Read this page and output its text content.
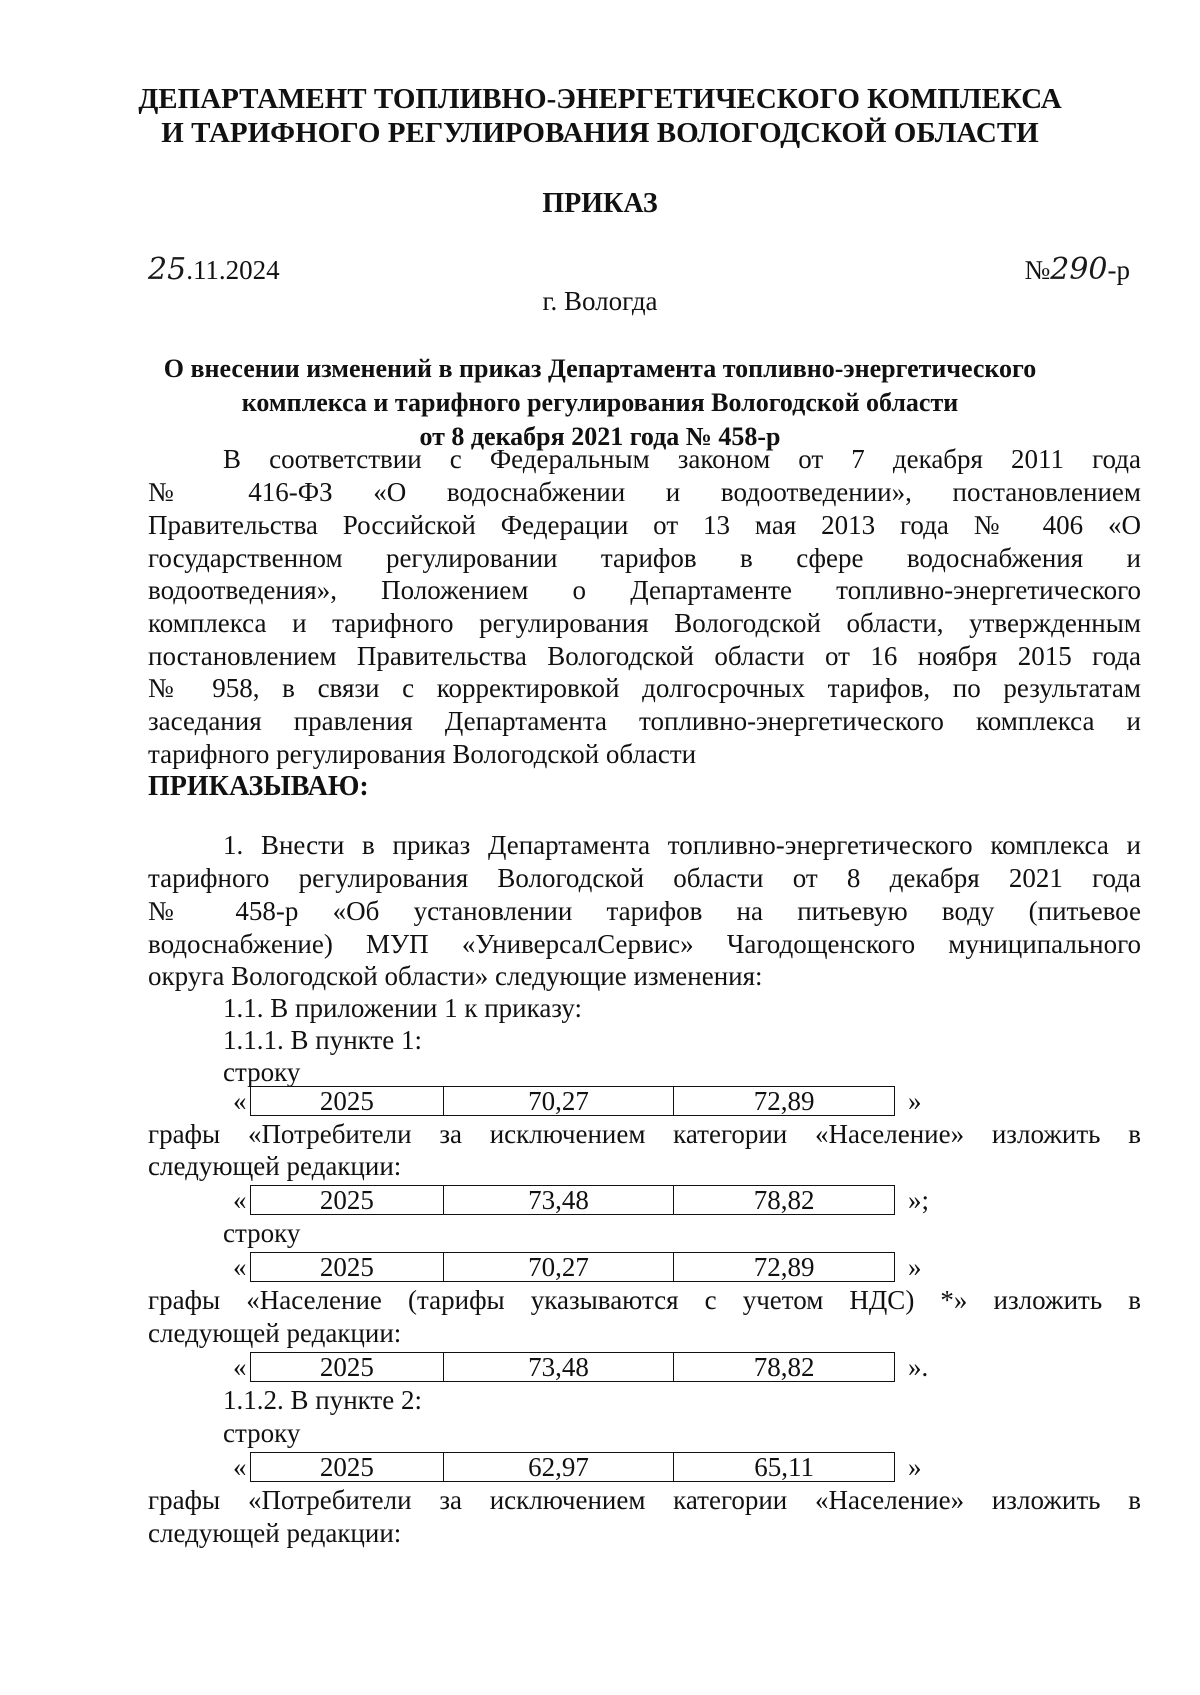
ДЕПАРТАМЕНТ ТОПЛИВНО-ЭНЕРГЕТИЧЕСКОГО КОМПЛЕКСА
И ТАРИФНОГО РЕГУЛИРОВАНИЯ ВОЛОГОДСКОЙ ОБЛАСТИ
ПРИКАЗ
25.11.2024	№290-р
г. Вологда
О внесении изменений в приказ Департамента топливно-энергетического
комплекса и тарифного регулирования Вологодской области
от 8 декабря 2021 года № 458-р
В соответствии с Федеральным законом от 7 декабря 2011 года
№ 416-ФЗ «О водоснабжении и водоотведении», постановлением
Правительства Российской Федерации от 13 мая 2013 года № 406 «О
государственном регулировании тарифов в сфере водоснабжения и
водоотведения», Положением о Департаменте топливно-энергетического
комплекса и тарифного регулирования Вологодской области, утвержденным
постановлением Правительства Вологодской области от 16 ноября 2015 года
№ 958, в связи с корректировкой долгосрочных тарифов, по результатам
заседания правления Департамента топливно-энергетического комплекса и
тарифного регулирования Вологодской области
ПРИКАЗЫВАЮ:
1. Внести в приказ Департамента топливно-энергетического комплекса и
тарифного регулирования Вологодской области от 8 декабря 2021 года
№ 458-р «Об установлении тарифов на питьевую воду (питьевое
водоснабжение) МУП «УниверсалСервис» Чагодощенского муниципального
округа Вологодской области» следующие изменения:
1.1. В приложении 1 к приказу:
1.1.1. В пункте 1:
строку
«	2025	70,27	72,89	»
графы «Потребители за исключением категории «Население» изложить в
следующей редакции:
«	2025	73,48	78,82	»;
строку
«	2025	70,27	72,89	»
графы «Население (тарифы указываются с учетом НДС) *» изложить в
следующей редакции:
«	2025	73,48	78,82	».
1.1.2. В пункте 2:
строку
«	2025	62,97	65,11	»
графы «Потребители за исключением категории «Население» изложить в
следующей редакции:
